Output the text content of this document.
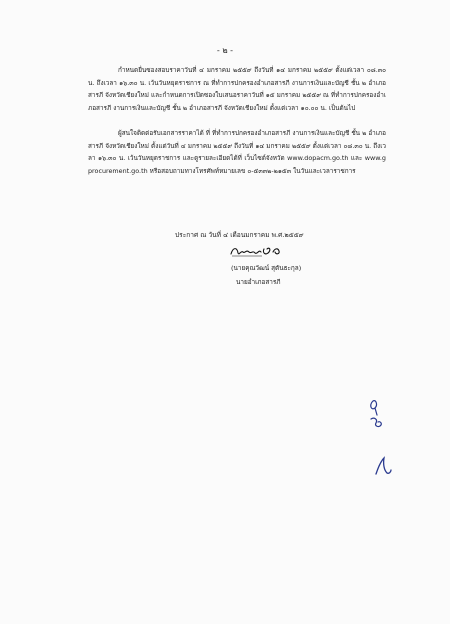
- ๒ -
กำหนดยื่นซองสอบราคาวันที่ ๔ มกราคม ๒๕๕๙ ถึงวันที่ ๑๔ มกราคม ๒๕๕๙ ตั้งแต่เวลา ๐๘.๓๐ น. ถึงเวลา ๑๖.๓๐ น. เว้นวันหยุดราชการ ณ ที่ทำการปกครองอำเภอสารภี งานการเงินและบัญชี ชั้น ๒ อำเภอสารภี จังหวัดเชียงใหม่ และกำหนดการเปิดซองใบเสนอราคาวันที่ ๑๕ มกราคม ๒๕๕๙ ณ ที่ทำการปกครองอำเภอสารภี งานการเงินและบัญชี ชั้น ๒ อำเภอสารภี จังหวัดเชียงใหม่ ตั้งแต่เวลา ๑๐.๐๐ น. เป็นต้นไป
ผู้สนใจติดต่อรับเอกสารราคาได้ ที่ ที่ทำการปกครองอำเภอสารภี งานการเงินและบัญชี ชั้น ๒ อำเภอสารภี จังหวัดเชียงใหม่ ตั้งแต่วันที่ ๔ มกราคม ๒๕๕๙ ถึงวันที่ ๑๔ มกราคม ๒๕๕๙ ตั้งแต่เวลา ๐๘.๓๐ น. ถึงเวลา ๑๖.๓๐ น. เว้นวันหยุดราชการ และดูรายละเอียดได้ที่ เว็บไซต์จังหวัด www.dopacm.go.th และ www.gprocurement.go.th หรือสอบถามทางโทรศัพท์หมายเลข ๐-๕๓๓๒-๒๑๕๓ ในวันและเวลาราชการ
ประกาศ ณ วันที่ ๔ เดือนมกราคม พ.ศ.๒๕๕๙
(นายคุณวัฒน์ สุตันธะกุล)
นายอำเภอสารภี
